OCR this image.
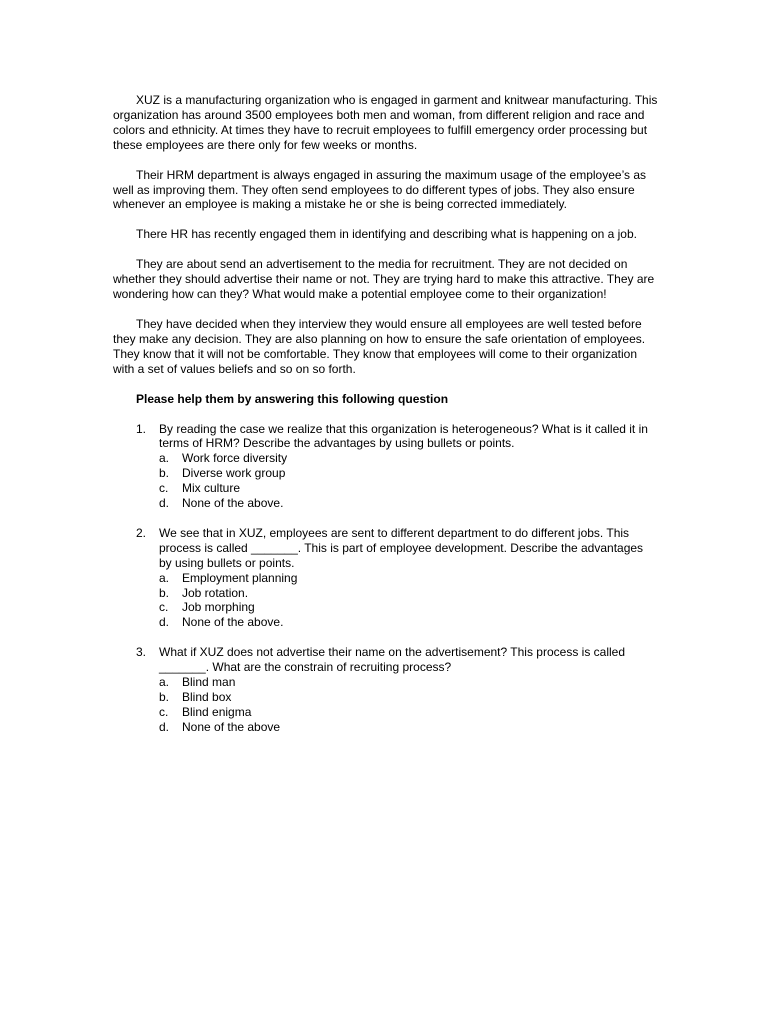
XUZ is a manufacturing organization who is engaged in garment and knitwear manufacturing. This organization has around 3500 employees both men and woman, from different religion and race and colors and ethnicity. At times they have to recruit employees to fulfill emergency order processing but these employees are there only for few weeks or months.

Their HRM department is always engaged in assuring the maximum usage of the employee’s as well as improving them. They often send employees to do different types of jobs. They also ensure whenever an employee is making a mistake he or she is being corrected immediately.

There HR has recently engaged them in identifying and describing what is happening on a job.

They are about send an advertisement to the media for recruitment. They are not decided on whether they should advertise their name or not. They are trying hard to make this attractive. They are wondering how can they? What would make a potential employee come to their organization!

They have decided when they interview they would ensure all employees are well tested before they make any decision. They are also planning on how to ensure the safe orientation of employees. They know that it will not be comfortable. They know that employees will come to their organization with a set of values beliefs and so on so forth.

Please help them by answering this following question

1.	By reading the case we realize that this organization is heterogeneous? What is it called it in terms of HRM? Describe the advantages by using bullets or points.
a.	Work force diversity
b.	Diverse work group
c.	Mix culture
d.	None of the above.
2.	We see that in XUZ, employees are sent to different department to do different jobs. This process is called _______. This is part of employee development. Describe the advantages by using bullets or points.
a.	Employment planning
b.	Job rotation.
c.	Job morphing
d.	None of the above.
3.	What if XUZ does not advertise their name on the advertisement? This process is called _______. What are the constrain of recruiting process?
a.	Blind man
b.	Blind box
c.	Blind enigma
d.	None of the above
